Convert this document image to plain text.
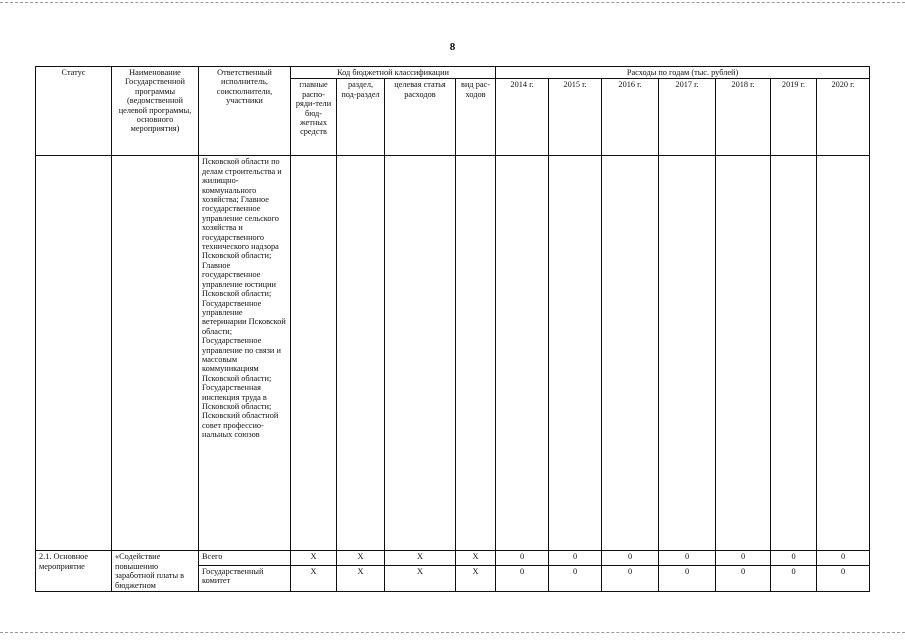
8
Статус	Наименование Государственной программы (ведомственной целевой программы, основного мероприятия)	Ответственный исполнитель, соисполнители, участники	Код бюджетной классификации				Расходы по годам (тыс. рублей)						
			главные распо-ряди-тели бюд-жетных средств	раздел, под-раздел	целевая статья расходов	вид рас-ходов	2014 г.	2015 г.	2016 г.	2017 г.	2018 г.	2019 г.	2020 г.
		Псковской области по делам строительства и жилищно-коммунального хозяйства; Главное государственное управление сельского хозяйства и государственного технического надзора Псковской области; Главное государственное управление юстиции Псковской области; Государственное управление ветеринарии Псковской области; Государственное управление по связи и массовым коммуникациям Псковской области; Государственная инспекция труда в Псковской области; Псковский областной совет профессио-нальных союзов											
2.1. Основное мероприятие	«Содействие повышению заработной платы в бюджетном	Всего	Х	Х	Х	Х	0	0	0	0	0	0	0
		Государственный комитет	Х	Х	Х	Х	0	0	0	0	0	0	0
